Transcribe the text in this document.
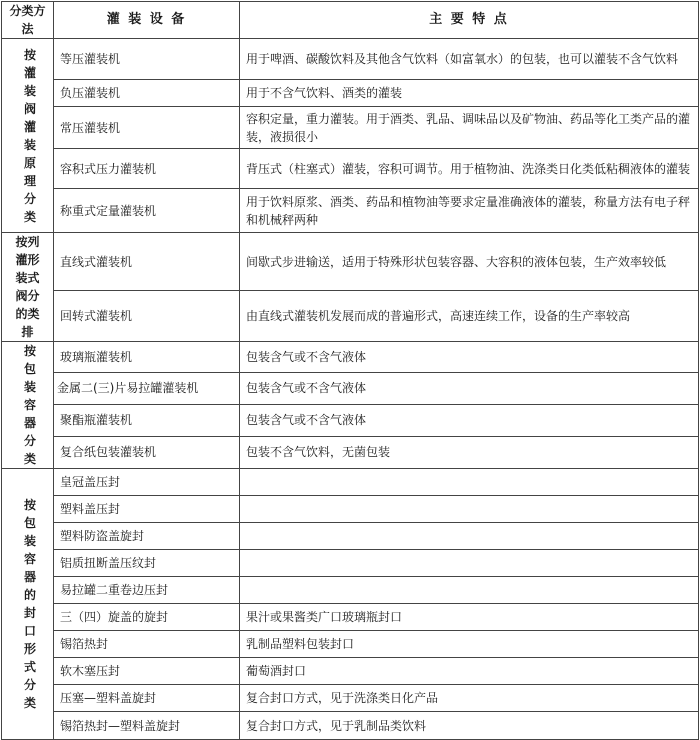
分类方法	灌 装 设 备	主 要 特 点
按灌装阀灌装原理分类	等压灌装机	用于啤酒、碳酸饮料及其他含气饮料（如富氧水）的包装，也可以灌装不含气饮料
	负压灌装机	用于不含气饮料、酒类的灌装
	常压灌装机	容积定量，重力灌装。用于酒类、乳品、调味品以及矿物油、药品等化工类产品的灌装，液损很小
	容积式压力灌装机	背压式（柱塞式）灌装，容积可调节。用于植物油、洗涤类日化类低粘稠液体的灌装
	称重式定量灌装机	用于饮料原浆、酒类、药品和植物油等要求定量准确液体的灌装，称量方法有电子秤和机械秤两种
按列灌形装式阀分的类排	直线式灌装机	间歇式步进输送，适用于特殊形状包装容器、大容积的液体包装，生产效率较低
	回转式灌装机	由直线式灌装机发展而成的普遍形式，高速连续工作，设备的生产率较高
按包装容器分类	玻璃瓶灌装机	包装含气或不含气液体
	金属二(三)片易拉罐灌装机	包装含气或不含气液体
	聚酯瓶灌装机	包装含气或不含气液体
	复合纸包装灌装机	包装不含气饮料，无菌包装
按包装容器的封口形式分类	皇冠盖压封	
	塑料盖压封	
	塑料防盗盖旋封	
	铝质扭断盖压纹封	
	易拉罐二重卷边压封	
	三（四）旋盖的旋封	果汁或果酱类广口玻璃瓶封口
	锡箔热封	乳制品塑料包装封口
	软木塞压封	葡萄酒封口
	压塞—塑料盖旋封	复合封口方式，见于洗涤类日化产品
	锡箔热封—塑料盖旋封	复合封口方式，见于乳制品类饮料
